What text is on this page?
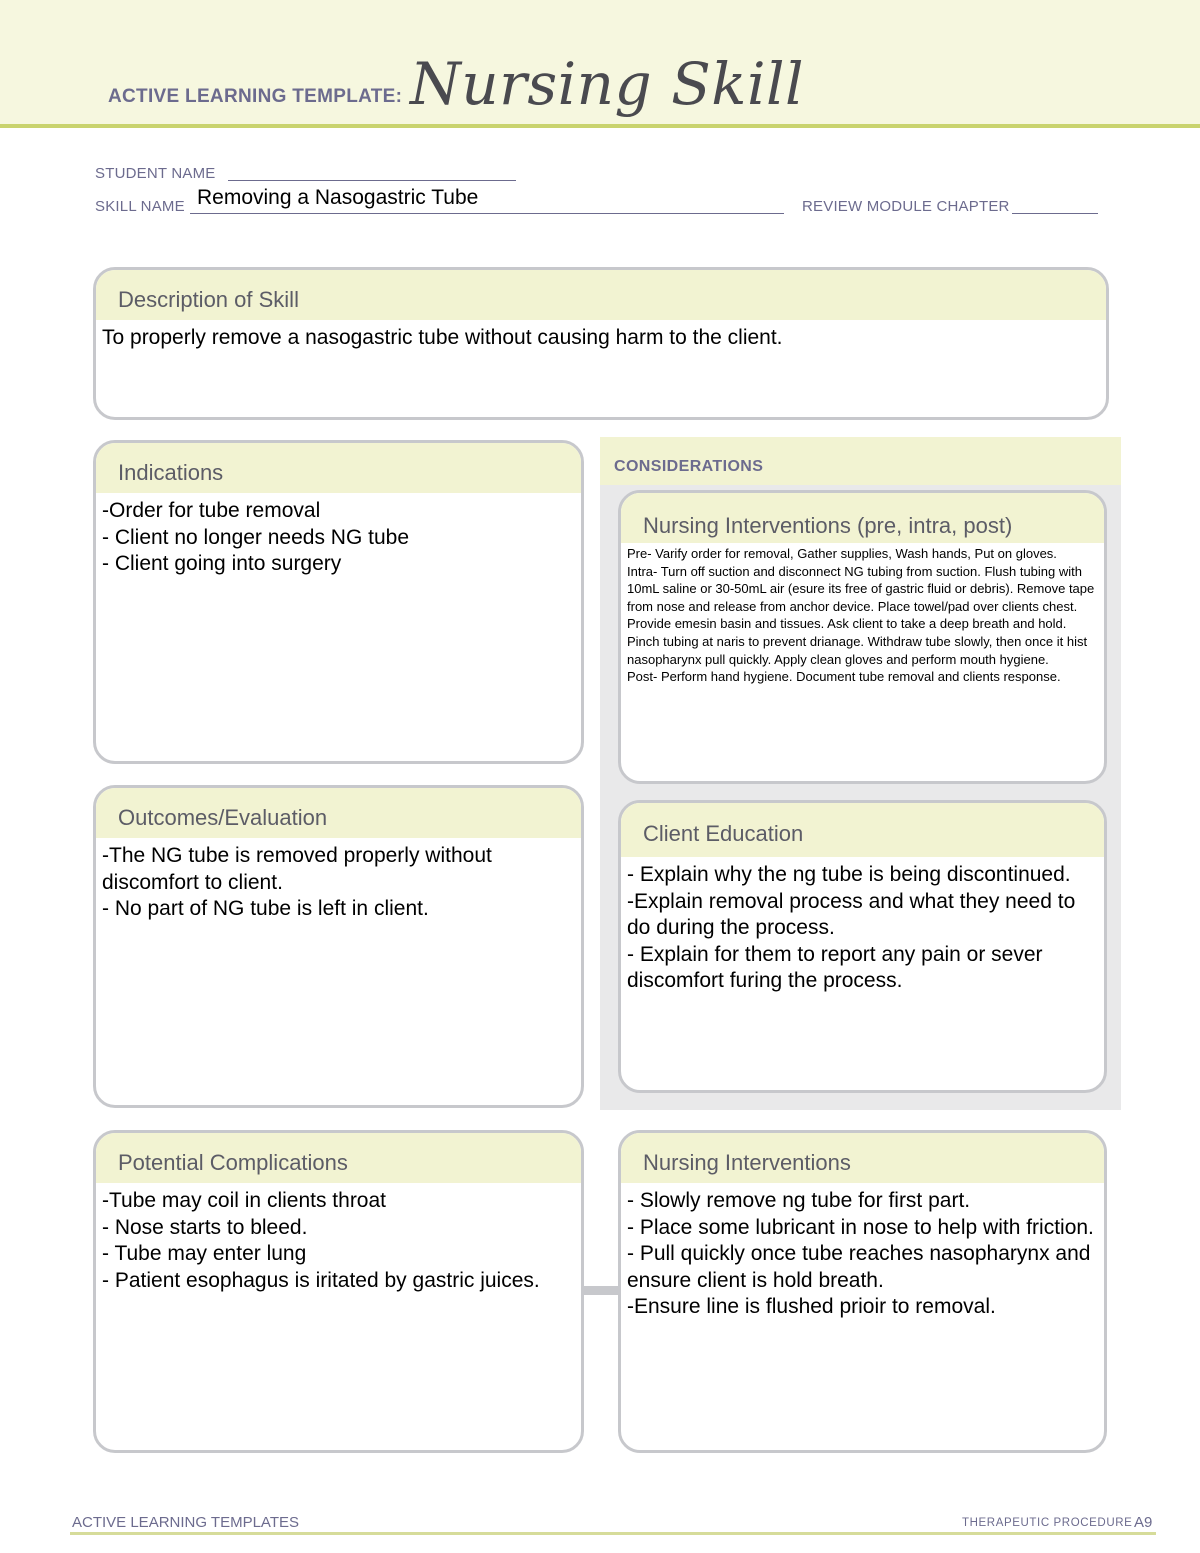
ACTIVE LEARNING TEMPLATE: Nursing Skill
STUDENT NAME
SKILL NAME Removing a Nasogastric Tube	REVIEW MODULE CHAPTER
Description of Skill
To properly remove a nasogastric tube without causing harm to the client.
Indications
-Order for tube removal
- Client no longer needs NG tube
- Client going into surgery
CONSIDERATIONS
Nursing Interventions (pre, intra, post)
Pre- Varify order for removal, Gather supplies, Wash hands, Put on gloves.
Intra- Turn off suction and disconnect NG tubing from suction. Flush tubing with 10mL saline or 30-50mL air (esure its free of gastric fluid or debris). Remove tape from nose and release from anchor device. Place towel/pad over clients chest. Provide emesin basin and tissues. Ask client to take a deep breath and hold. Pinch tubing at naris to prevent drianage. Withdraw tube slowly, then once it hist nasopharynx pull quickly. Apply clean gloves and perform mouth hygiene.
Post- Perform hand hygiene. Document tube removal and clients response.
Client Education
- Explain why the ng tube is being discontinued.
-Explain removal process and what they need to do during the process.
- Explain for them to report any pain or sever discomfort furing the process.
Outcomes/Evaluation
-The NG tube is removed properly without discomfort to client.
- No part of NG tube is left in client.
Potential Complications
-Tube may coil in clients throat
- Nose starts to bleed.
- Tube may enter lung
- Patient esophagus is iritated by gastric juices.
Nursing Interventions
- Slowly remove ng tube for first part.
- Place some lubricant in nose to help with friction.
- Pull quickly once tube reaches nasopharynx and ensure client is hold breath.
-Ensure line is flushed prioir to removal.
ACTIVE LEARNING TEMPLATES	THERAPEUTIC PROCEDURE A9
